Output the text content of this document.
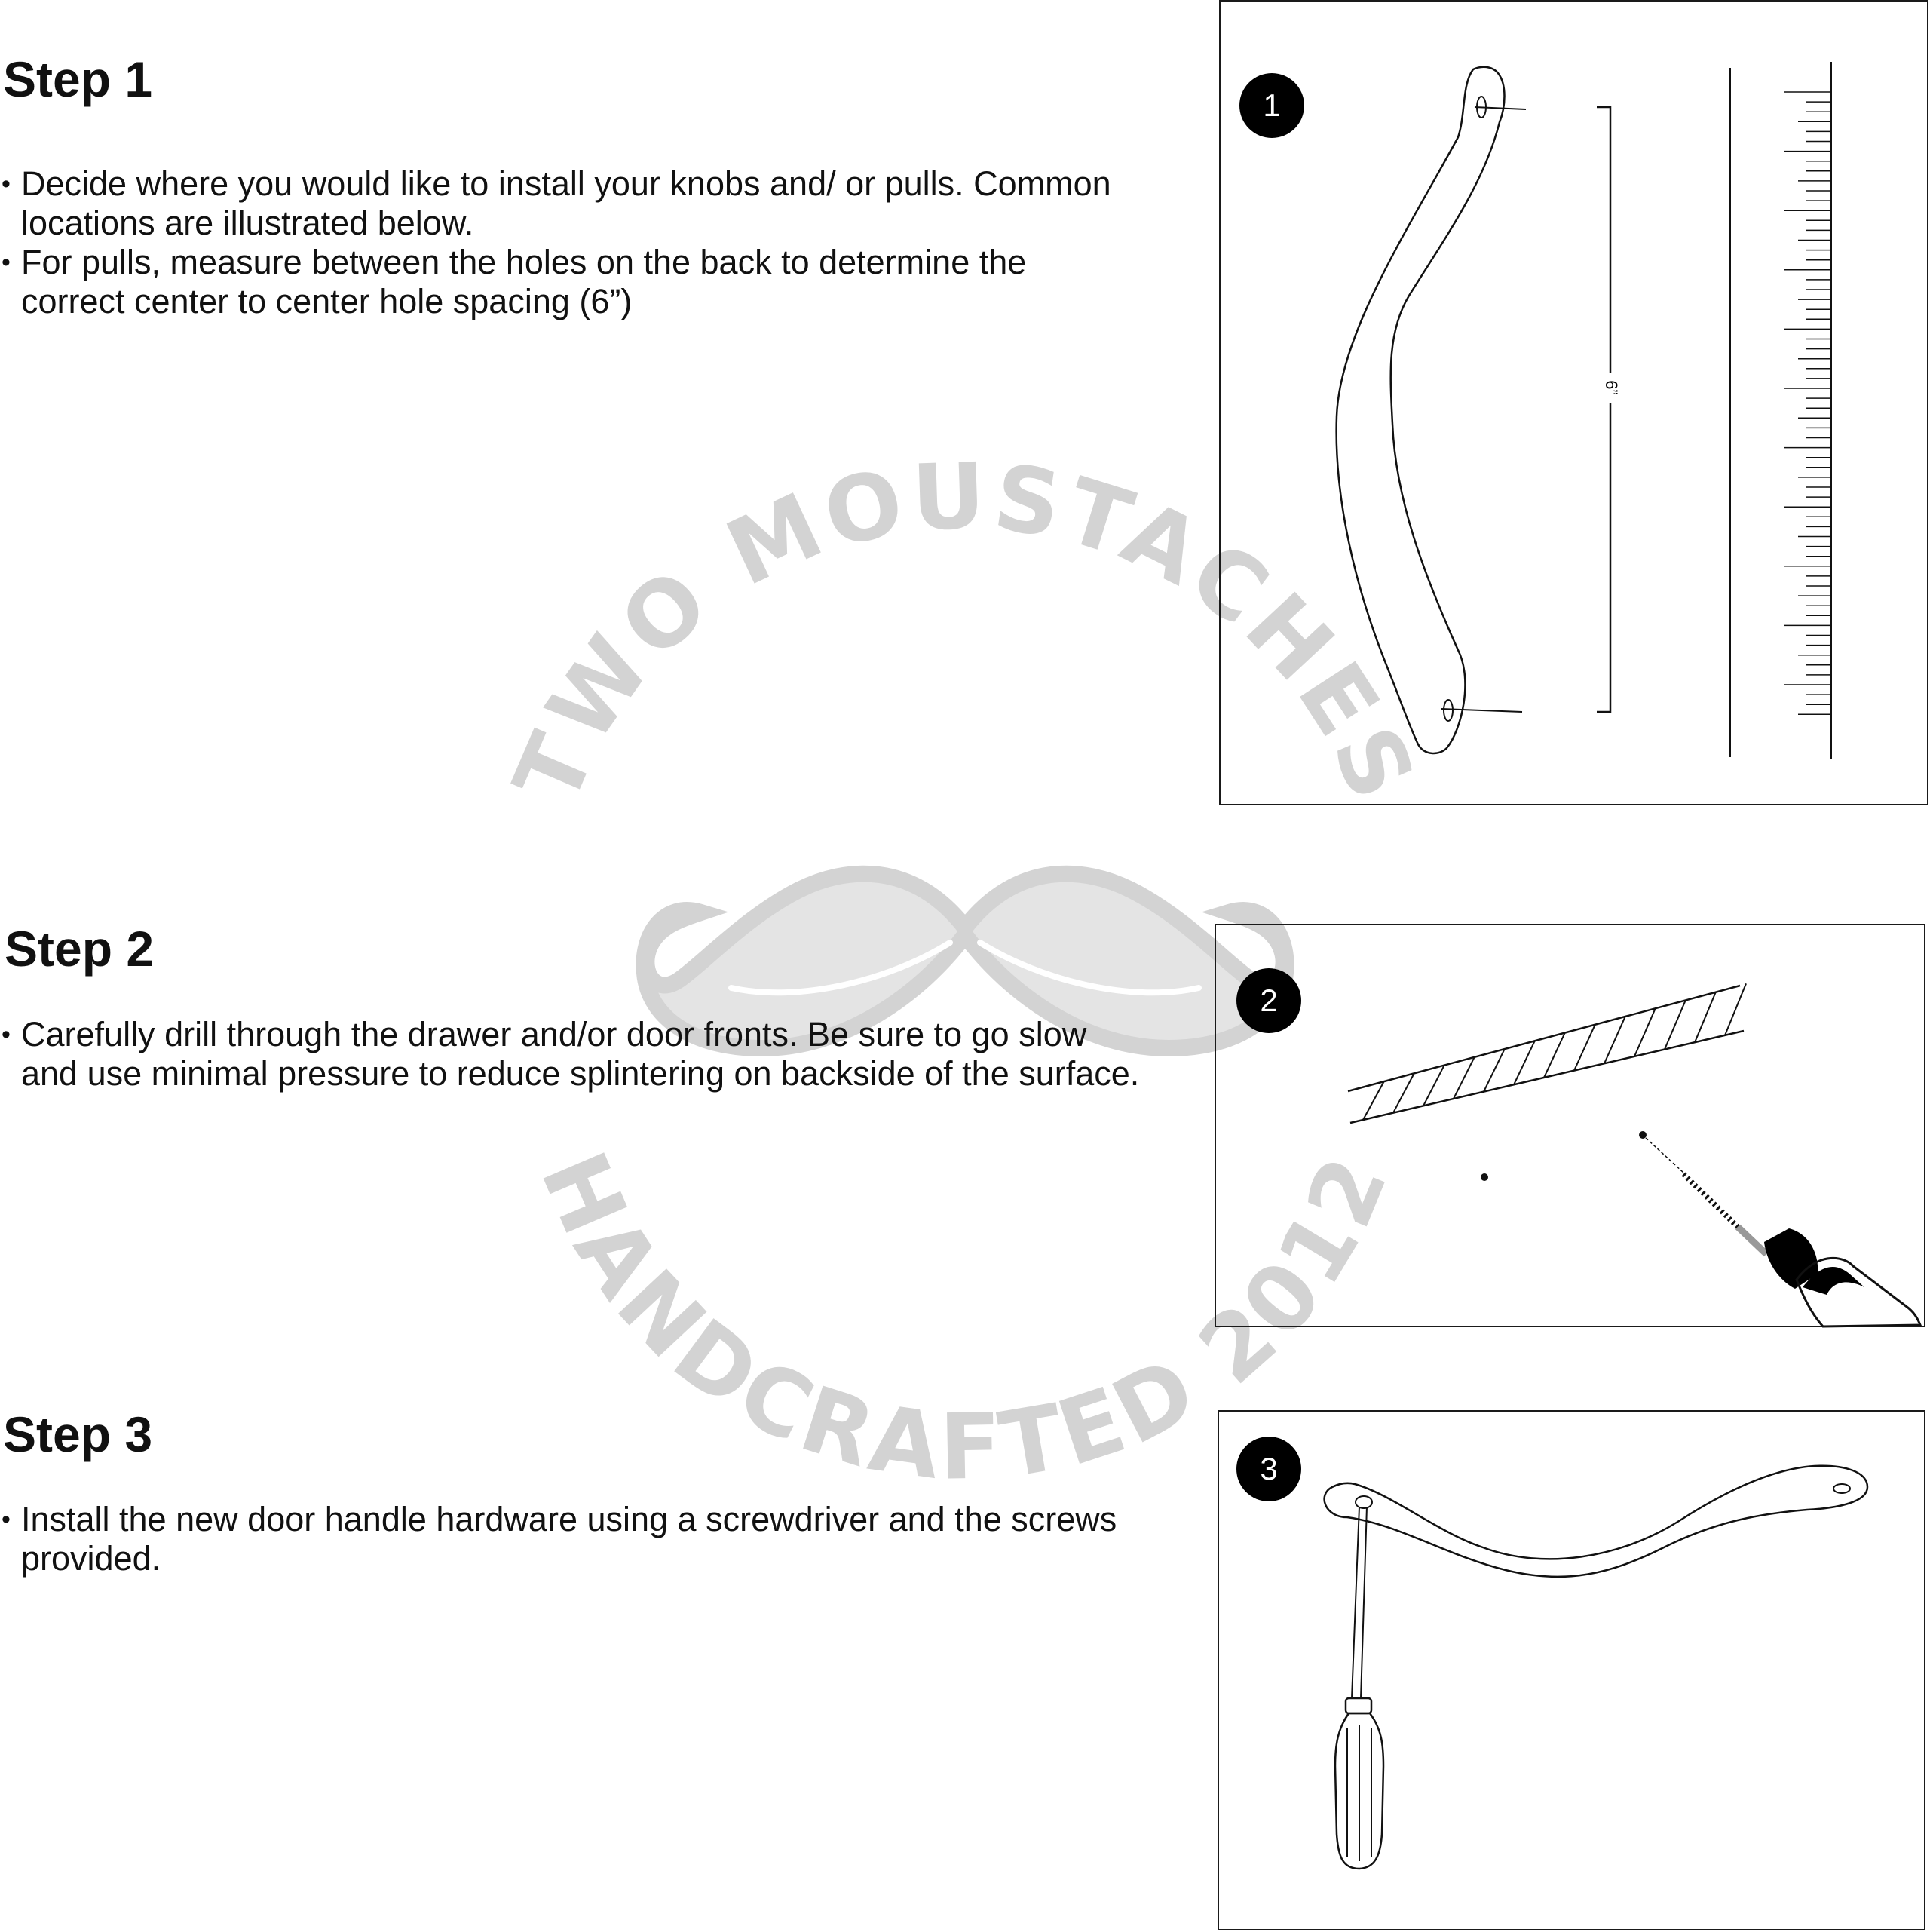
TWO MOUSTACHES
HANDCRAFTED 2012
Step 1
• Decide where you would like to install your knobs and/ or pulls. Common locations are illustrated below.
• For pulls, measure between the holes on the back to determine the correct center to center hole spacing (6”)
1
6”
Step 2
• Carefully drill through the drawer and/or door fronts. Be sure to go slow and use minimal pressure to reduce splintering on backside of the surface.
2
Step 3
• Install the new door handle hardware using a screwdriver and the screws provided.
3
